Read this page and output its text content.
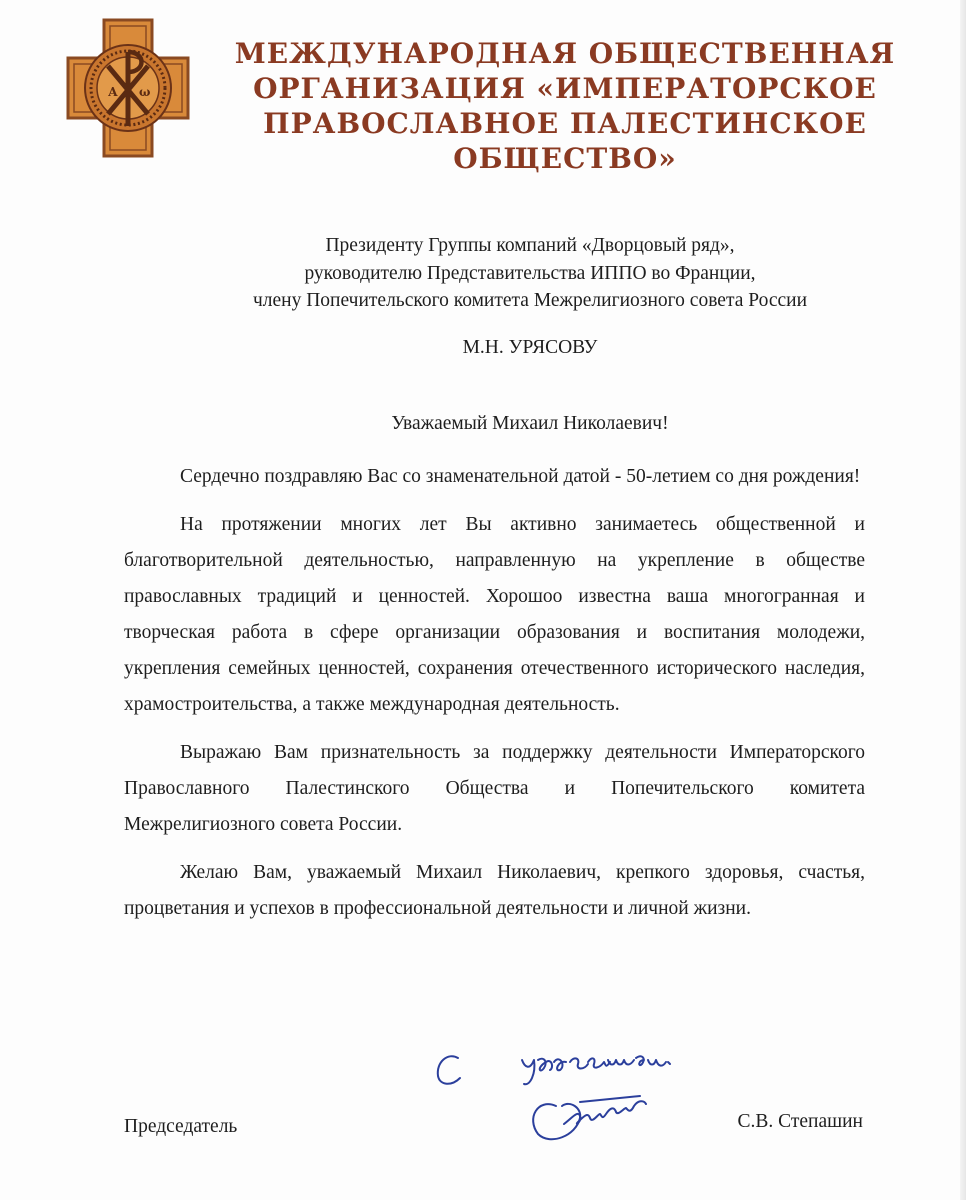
А ω
МЕЖДУНАРОДНАЯ ОБЩЕСТВЕННАЯ
ОРГАНИЗАЦИЯ «ИМПЕРАТОРСКОЕ
ПРАВОСЛАВНОЕ ПАЛЕСТИНСКОЕ ОБЩЕСТВО»
Президенту Группы компаний «Дворцовый ряд»,
руководителю Представительства ИППО во Франции,
члену Попечительского комитета Межрелигиозного совета России
М.Н. УРЯСОВУ
Уважаемый Михаил Николаевич!

Сердечно поздравляю Вас со знаменательной датой - 50-летием со дня рождения!

На протяжении многих лет Вы активно занимаетесь общественной и благотворительной деятельностью, направленную на укрепление в обществе православных традиций и ценностей. Хорошоо известна ваша многогранная и творческая работа в сфере организации образования и воспитания молодежи, укрепления семейных ценностей, сохранения отечественного исторического наследия, храмостроительства, а также международная деятельность.

Выражаю Вам признательность за поддержку деятельности Императорского Православного Палестинского Общества и Попечительского комитета Межрелигиозного совета России.

Желаю Вам, уважаемый Михаил Николаевич, крепкого здоровья, счастья, процветания и успехов в профессиональной деятельности и личной жизни.

Председатель	С.В. Степашин
